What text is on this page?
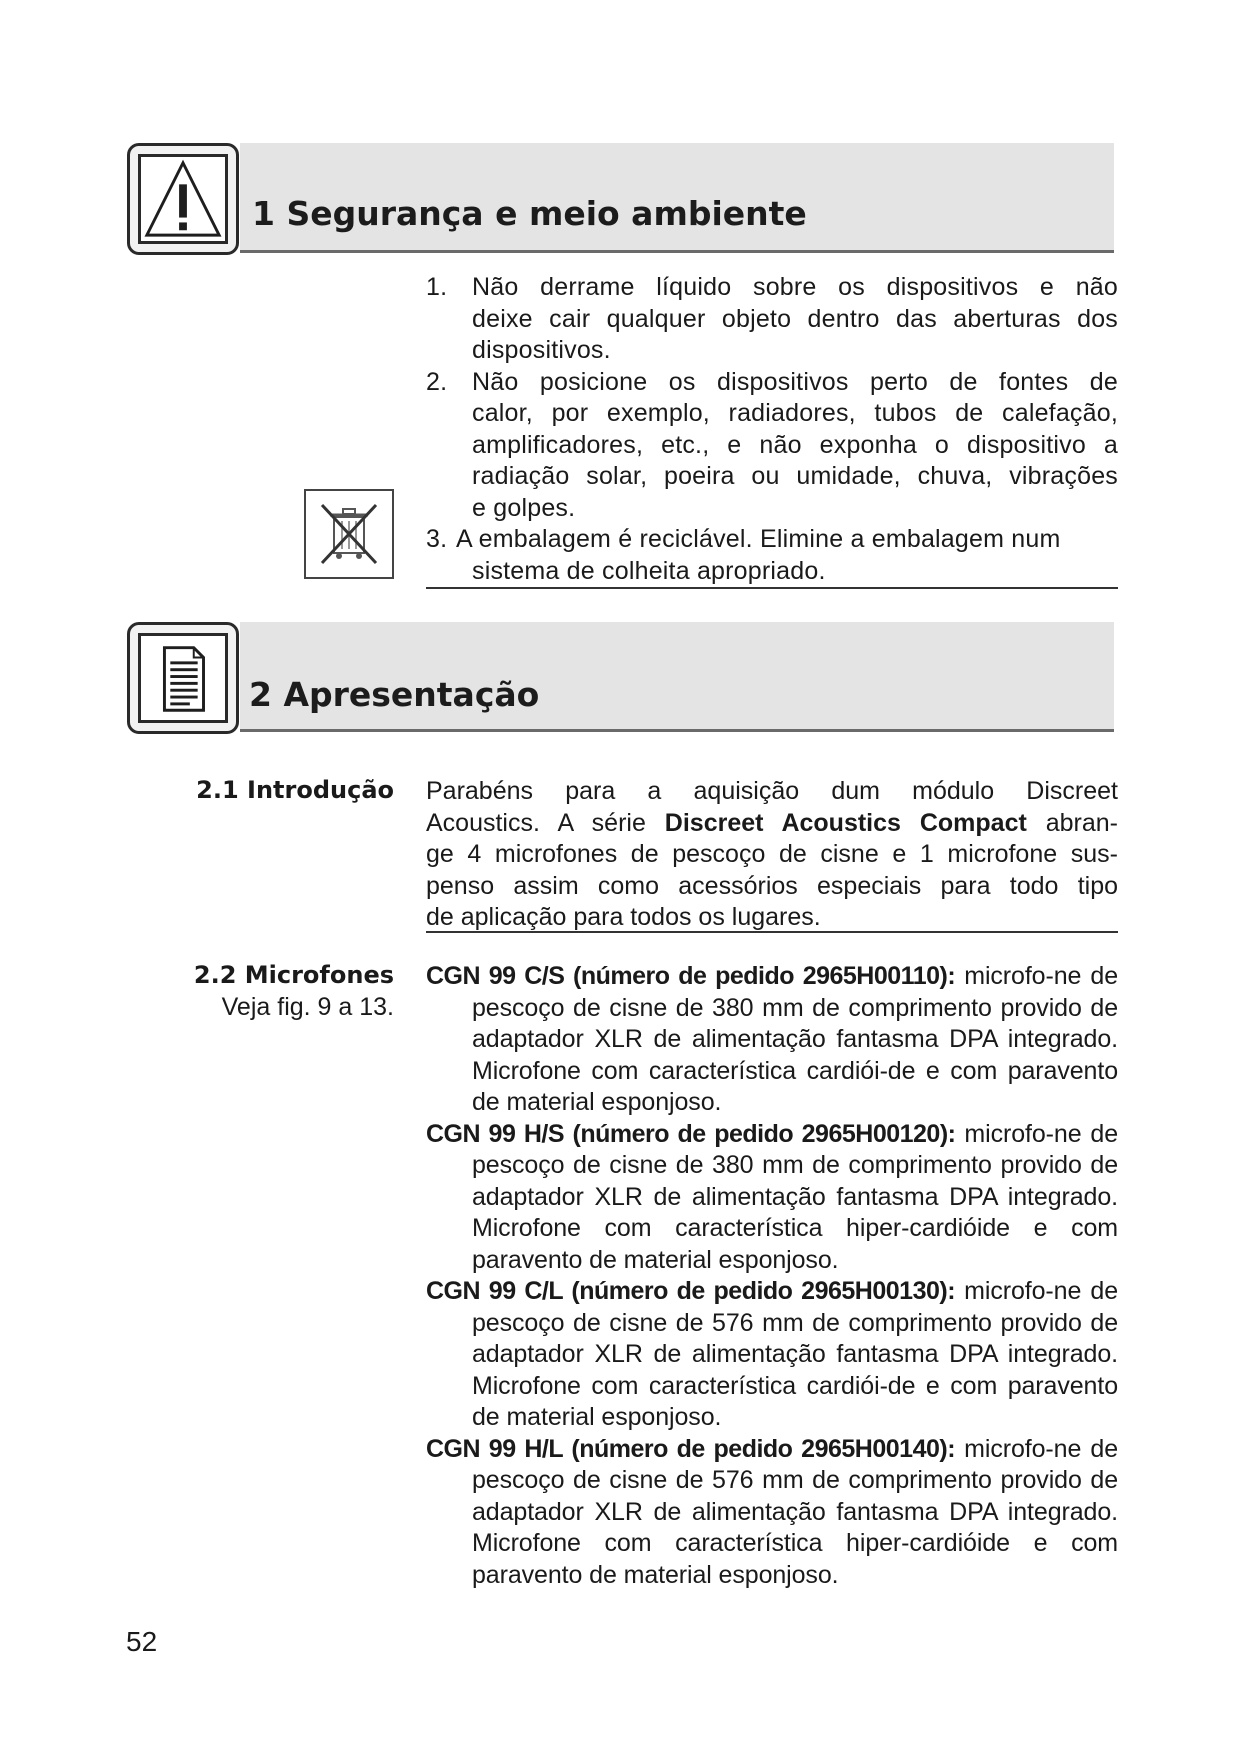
1 Segurança e meio ambiente
1. Não derrame líquido sobre os dispositivos e não
deixe cair qualquer objeto dentro das aberturas dos
dispositivos.
2. Não posicione os dispositivos perto de fontes de
calor, por exemplo, radiadores, tubos de calefação,
amplificadores, etc., e não exponha o dispositivo a
radiação solar, poeira ou umidade, chuva, vibrações
e golpes.
3. A embalagem é reciclável. Elimine a embalagem num
sistema de colheita apropriado.
2 Apresentação
2.1 Introdução Parabéns para a aquisição dum módulo Discreet
Acoustics. A série Discreet Acoustics Compact abran-
ge 4 microfones de pescoço de cisne e 1 microfone sus-
penso assim como acessórios especiais para todo tipo
de aplicação para todos os lugares.
2.2 Microfones
Veja fig. 9 a 13.
CGN 99 C/S (número de pedido 2965H00110): microfo-ne de pescoço de cisne de 380 mm de comprimento provido de adaptador XLR de alimentação fantasma DPA integrado. Microfone com característica cardiói-de e com paravento de material esponjoso.
CGN 99 H/S (número de pedido 2965H00120): microfo-ne de pescoço de cisne de 380 mm de comprimento provido de adaptador XLR de alimentação fantasma DPA integrado. Microfone com característica hiper-cardióide e com paravento de material esponjoso.
CGN 99 C/L (número de pedido 2965H00130): microfo-ne de pescoço de cisne de 576 mm de comprimento provido de adaptador XLR de alimentação fantasma DPA integrado. Microfone com característica cardiói-de e com paravento de material esponjoso.
CGN 99 H/L (número de pedido 2965H00140): microfo-ne de pescoço de cisne de 576 mm de comprimento provido de adaptador XLR de alimentação fantasma DPA integrado. Microfone com característica hiper-cardióide e com paravento de material esponjoso.
52
